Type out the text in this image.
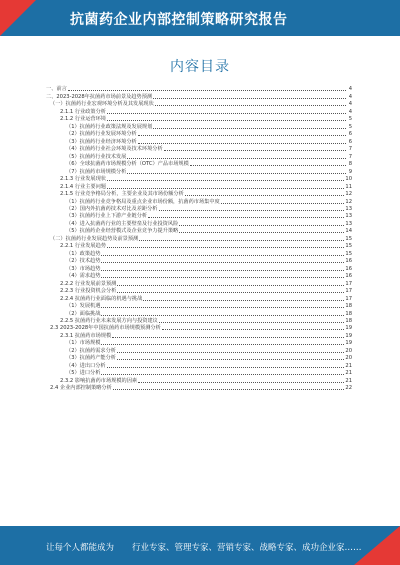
抗菌药企业内部控制策略研究报告
内容目录
一、前言	4
二、2023-2028年抗菌药市场前景及趋势预测	4
（一）抗菌药行业宏观环境分析及其发展现状	4
2.1.1 行业政策分析	4
2.1.2 行业运营环境	5
（1）抗菌药行业政策法规及发展规划	5
（2）抗菌药行业发展环境分析	6
（3）抗菌药行业经济环境分析	6
（4）抗菌药行业社会环境及技术环境分析	7
（5）抗菌药行业技术发展	7
（6）全球抗菌药市场规模分析（OTC）产品市场规模	8
（7）抗菌药市场规模分析	9
2.1.3 行业发展现状	10
2.1.4 行业主要问题	11
2.1.5 行业竞争格局分析，主要企业及其市场份额分析	12
（1）抗菌药行业竞争格局及重点企业市场份额，抗菌药市场集中度	12
（2）国内外抗菌药技术对比及差距分析	13
（3）抗菌药行业上下游产业链分析	13
（4）进入抗菌药行业的主要壁垒及行业投资风险	13
（5）抗菌药企业经营模式及企业竞争力提升策略	14
（二）抗菌药行业发展趋势及前景预测	15
2.2.1 行业发展趋势	15
（1）政策趋势	15
（2）技术趋势	16
（3）市场趋势	16
（4）需求趋势	16
2.2.2 行业发展前景预测	17
2.2.3 行业投资机会分析	17
2.2.4 抗菌药行业面临的机遇与挑战	17
（1）发展机遇	18
（2）面临挑战	18
2.2.5 抗菌药行业未来发展方向与投资建议	18
2.3 2023-2028年中国抗菌药市场规模预测分析	19
2.3.1 抗菌药市场规模	19
（1）市场规模	19
（2）抗菌药需求分析	20
（3）抗菌药产能分析	20
（4）进出口分析	21
（5）进口分析	21
2.3.2 影响抗菌药市场规模的因素	21
2.4 企业内部控制策略分析	22
让每个人都能成为 行业专家、管理专家、营销专家、战略专家、成功企业家……
